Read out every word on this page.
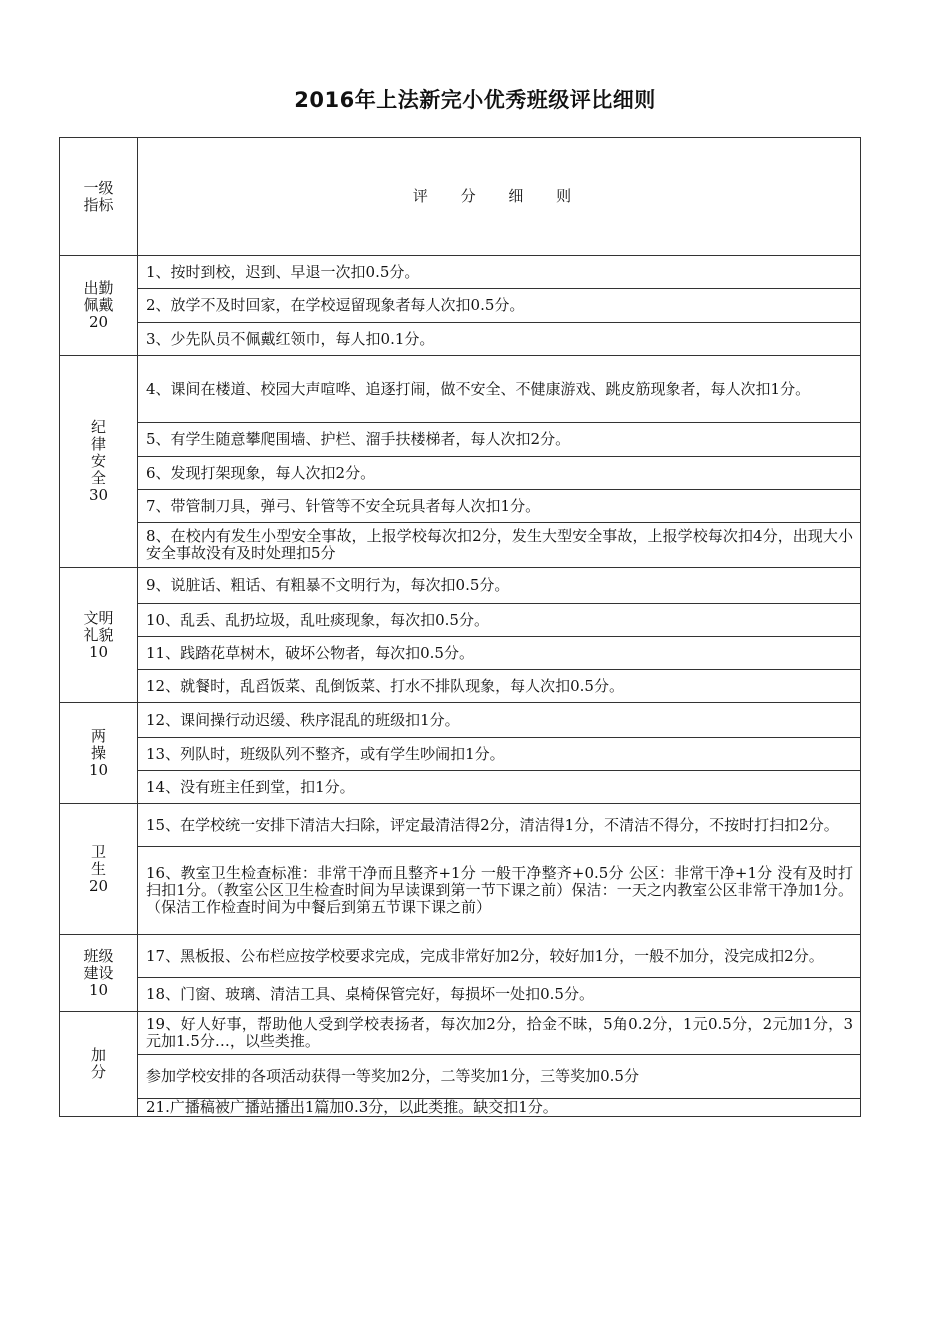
2016年上法新完小优秀班级评比细则
一级
指标	评 分 细 则

出勤
佩戴
20	1、按时到校，迟到、早退一次扣0.5分。
	2、放学不及时回家，在学校逗留现象者每人次扣0.5分。
	3、少先队员不佩戴红领巾，每人扣0.1分。

纪
律
安
全
30	4、课间在楼道、校园大声喧哗、追逐打闹，做不安全、不健康游戏、跳皮筋现象者，每人次扣1分。
	5、有学生随意攀爬围墙、护栏、溜手扶楼梯者，每人次扣2分。
	6、发现打架现象，每人次扣2分。
	7、带管制刀具，弹弓、针管等不安全玩具者每人次扣1分。
	8、在校内有发生小型安全事故，上报学校每次扣2分，发生大型安全事故，上报学校每次扣4分，出现大小安全事故没有及时处理扣5分

文明
礼貌
10	9、说脏话、粗话、有粗暴不文明行为，每次扣0.5分。
	10、乱丢、乱扔垃圾，乱吐痰现象，每次扣0.5分。
	11、践踏花草树木，破坏公物者，每次扣0.5分。
	12、就餐时，乱舀饭菜、乱倒饭菜、打水不排队现象，每人次扣0.5分。

两
操
10	12、课间操行动迟缓、秩序混乱的班级扣1分。
	13、列队时，班级队列不整齐，或有学生吵闹扣1分。
	14、没有班主任到堂，扣1分。

卫
生
20	15、在学校统一安排下清洁大扫除，评定最清洁得2分，清洁得1分，不清洁不得分，不按时打扫扣2分。
	16、教室卫生检查标准：非常干净而且整齐+1分 一般干净整齐+0.5分 公区：非常干净+1分 没有及时打扫扣1分。（教室公区卫生检查时间为早读课到第一节下课之前）保洁：一天之内教室公区非常干净加1分。（保洁工作检查时间为中餐后到第五节课下课之前）

班级
建设
10	17、黑板报、公布栏应按学校要求完成，完成非常好加2分，较好加1分，一般不加分，没完成扣2分。
	18、门窗、玻璃、清洁工具、桌椅保管完好，每损坏一处扣0.5分。

加
分	19、好人好事，帮助他人受到学校表扬者，每次加2分，拾金不昧，5角0.2分，1元0.5分，2元加1分，3元加1.5分…，以些类推。
	参加学校安排的各项活动获得一等奖加2分，二等奖加1分，三等奖加0.5分
	21.广播稿被广播站播出1篇加0.3分，以此类推。缺交扣1分。
